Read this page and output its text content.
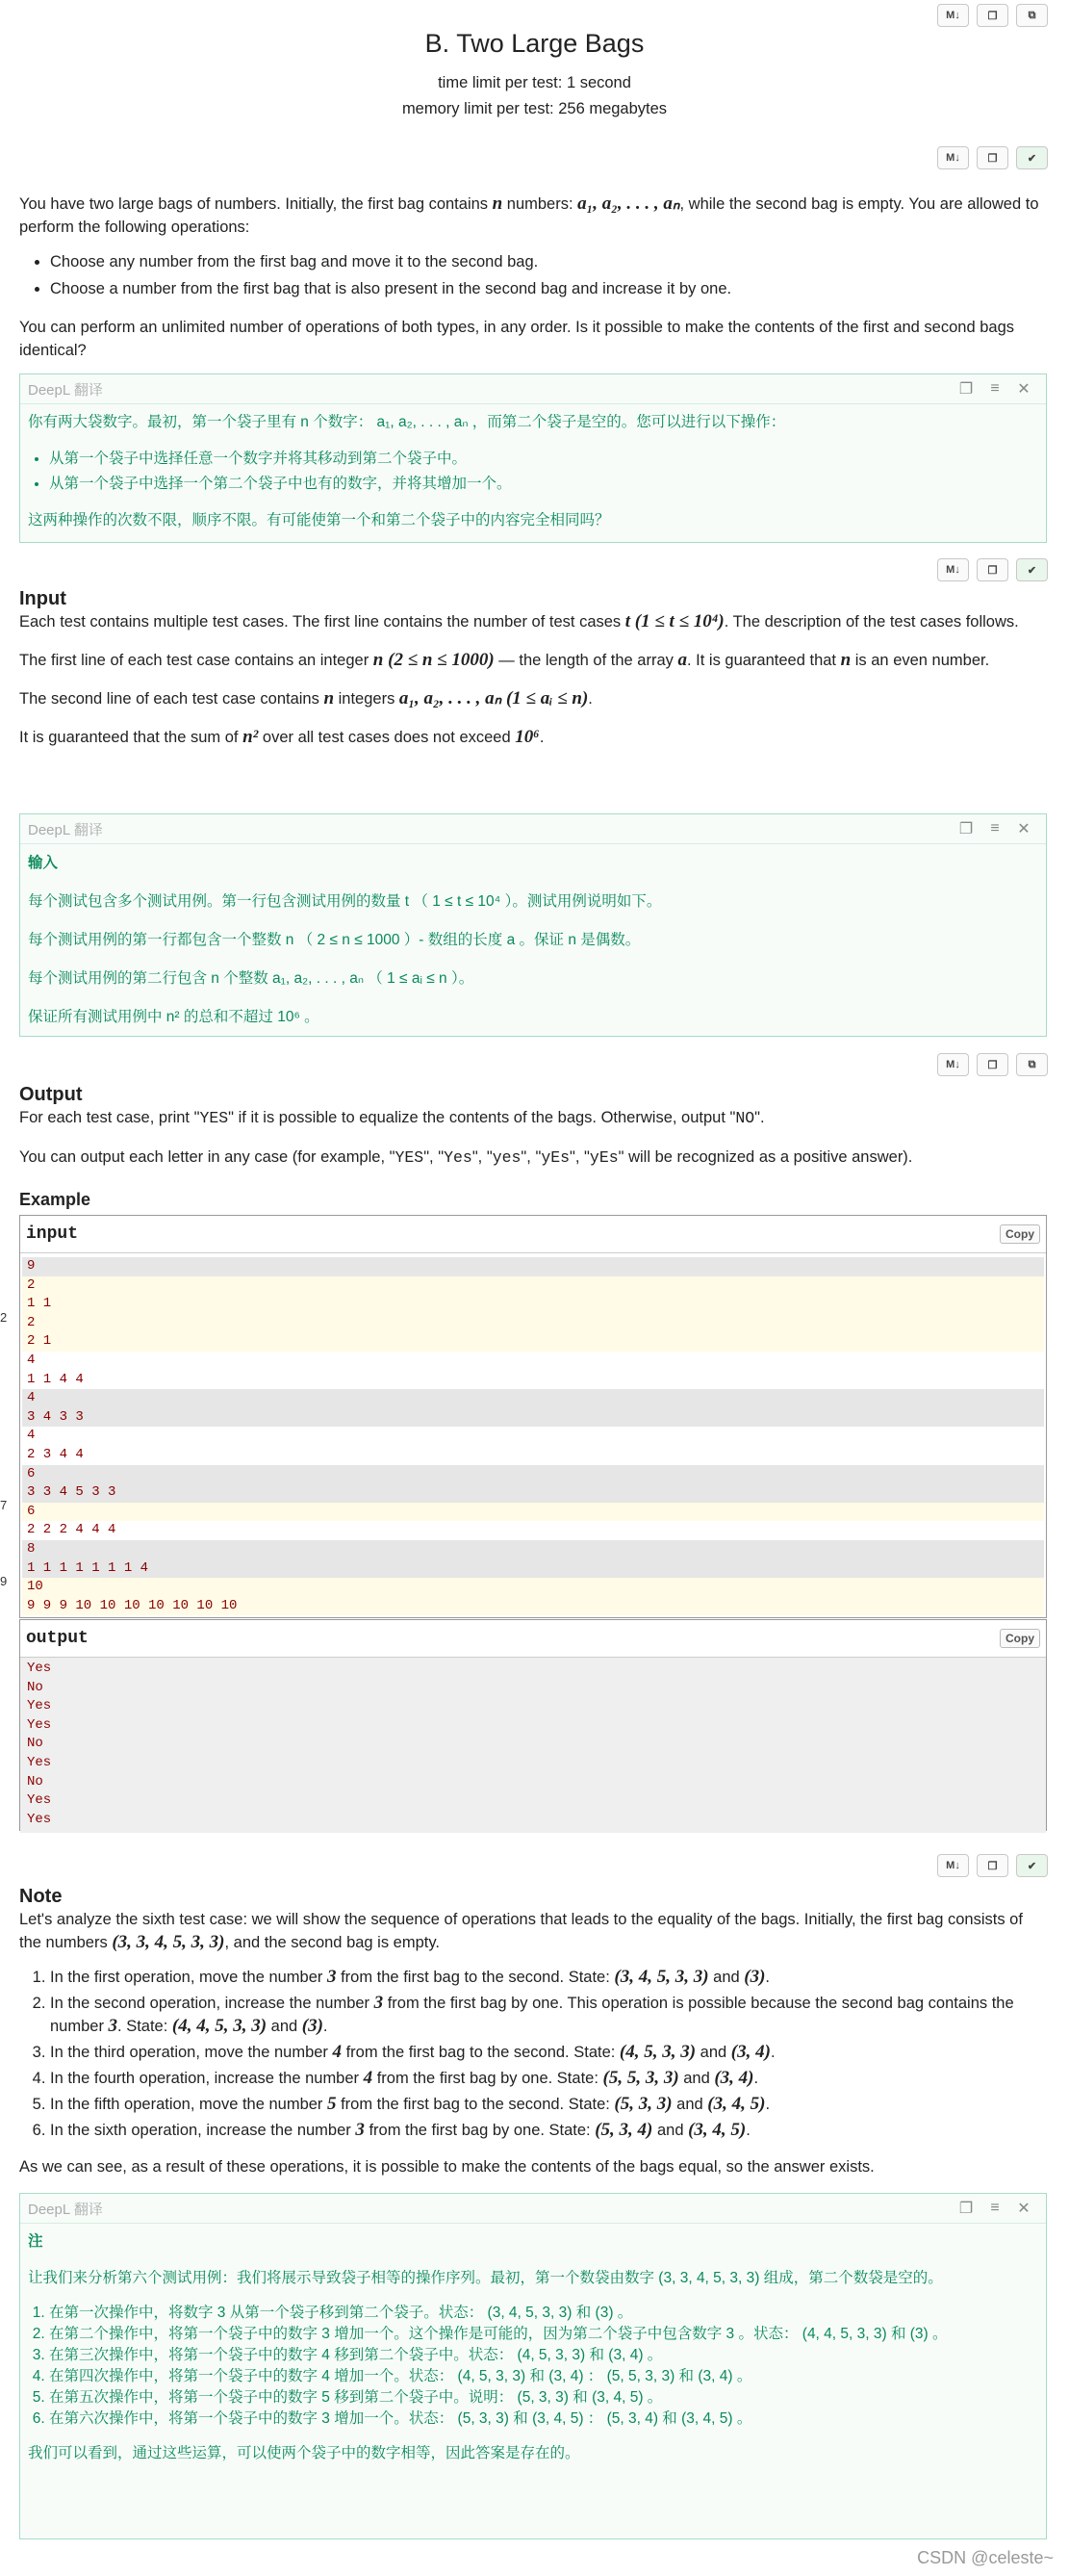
M↓	❐	⧉
B. Two Large Bags
time limit per test: 1 second
memory limit per test: 256 megabytes
M↓	❐	✔

You have two large bags of numbers. Initially, the first bag contains n numbers: a₁, a₂, . . . , aₙ, while the second bag is empty. You are allowed to perform the following operations:

• Choose any number from the first bag and move it to the second bag.
• Choose a number from the first bag that is also present in the second bag and increase it by one.

You can perform an unlimited number of operations of both types, in any order. Is it possible to make the contents of the first and second bags identical?

DeepL 翻译	❐	≡	✕

你有两大袋数字。最初，第一个袋子里有 n 个数字： a₁, a₂, . . . , aₙ ，而第二个袋子是空的。您可以进行以下操作：

• 从第一个袋子中选择任意一个数字并将其移动到第二个袋子中。
• 从第一个袋子中选择一个第二个袋子中也有的数字，并将其增加一个。

这两种操作的次数不限，顺序不限。有可能使第一个和第二个袋子中的内容完全相同吗？

M↓	❐	✔
Input

Each test contains multiple test cases. The first line contains the number of test cases t (1 ≤ t ≤ 10⁴). The description of the test cases follows.

The first line of each test case contains an integer n (2 ≤ n ≤ 1000) — the length of the array a. It is guaranteed that n is an even number.

The second line of each test case contains n integers a₁, a₂, . . . , aₙ (1 ≤ aᵢ ≤ n).

It is guaranteed that the sum of n² over all test cases does not exceed 10⁶.

DeepL 翻译	❐	≡	✕

输入

每个测试包含多个测试用例。第一行包含测试用例的数量 t （ 1 ≤ t ≤ 10⁴ ）。测试用例说明如下。

每个测试用例的第一行都包含一个整数 n （ 2 ≤ n ≤ 1000 ）- 数组的长度 a 。保证 n 是偶数。

每个测试用例的第二行包含 n 个整数 a₁, a₂, . . . , aₙ （ 1 ≤ aᵢ ≤ n ）。

保证所有测试用例中 n² 的总和不超过 10⁶ 。

M↓	❐	⧉
Output

For each test case, print "YES" if it is possible to equalize the contents of the bags. Otherwise, output "NO".

You can output each letter in any case (for example, "YES", "Yes", "yes", "yEs", "yEs" will be recognized as a positive answer).

Example
input	Copy
9
2
1 1
2
2 1
4
1 1 4 4
4
3 4 3 3
4
2 3 4 4
6
3 3 4 5 3 3
6
2 2 2 4 4 4
8
1 1 1 1 1 1 1 4
10
9 9 9 10 10 10 10 10 10 10
2
7
9
output	Copy
Yes
No
Yes
Yes
No
Yes
No
Yes
Yes
M↓	❐	✔
Note

Let's analyze the sixth test case: we will show the sequence of operations that leads to the equality of the bags. Initially, the first bag consists of the numbers (3, 3, 4, 5, 3, 3), and the second bag is empty.

1. In the first operation, move the number 3 from the first bag to the second. State: (3, 4, 5, 3, 3) and (3).
2. In the second operation, increase the number 3 from the first bag by one. This operation is possible because the second bag contains the number 3. State: (4, 4, 5, 3, 3) and (3).
3. In the third operation, move the number 4 from the first bag to the second. State: (4, 5, 3, 3) and (3, 4).
4. In the fourth operation, increase the number 4 from the first bag by one. State: (5, 5, 3, 3) and (3, 4).
5. In the fifth operation, move the number 5 from the first bag to the second. State: (5, 3, 3) and (3, 4, 5).
6. In the sixth operation, increase the number 3 from the first bag by one. State: (5, 3, 4) and (3, 4, 5).

As we can see, as a result of these operations, it is possible to make the contents of the bags equal, so the answer exists.

DeepL 翻译	❐	≡	✕

注

让我们来分析第六个测试用例：我们将展示导致袋子相等的操作序列。最初，第一个数袋由数字 (3, 3, 4, 5, 3, 3) 组成，第二个数袋是空的。

1. 在第一次操作中，将数字 3 从第一个袋子移到第二个袋子。状态： (3, 4, 5, 3, 3) 和 (3) 。
2. 在第二个操作中，将第一个袋子中的数字 3 增加一个。这个操作是可能的，因为第二个袋子中包含数字 3 。状态： (4, 4, 5, 3, 3) 和 (3) 。
3. 在第三次操作中，将第一个袋子中的数字 4 移到第二个袋子中。状态： (4, 5, 3, 3) 和 (3, 4) 。
4. 在第四次操作中，将第一个袋子中的数字 4 增加一个。状态： (4, 5, 3, 3) 和 (3, 4) ： (5, 5, 3, 3) 和 (3, 4) 。
5. 在第五次操作中，将第一个袋子中的数字 5 移到第二个袋子中。说明： (5, 3, 3) 和 (3, 4, 5) 。
6. 在第六次操作中，将第一个袋子中的数字 3 增加一个。状态： (5, 3, 3) 和 (3, 4, 5) ： (5, 3, 4) 和 (3, 4, 5) 。

我们可以看到，通过这些运算，可以使两个袋子中的数字相等，因此答案是存在的。

CSDN @celeste~
